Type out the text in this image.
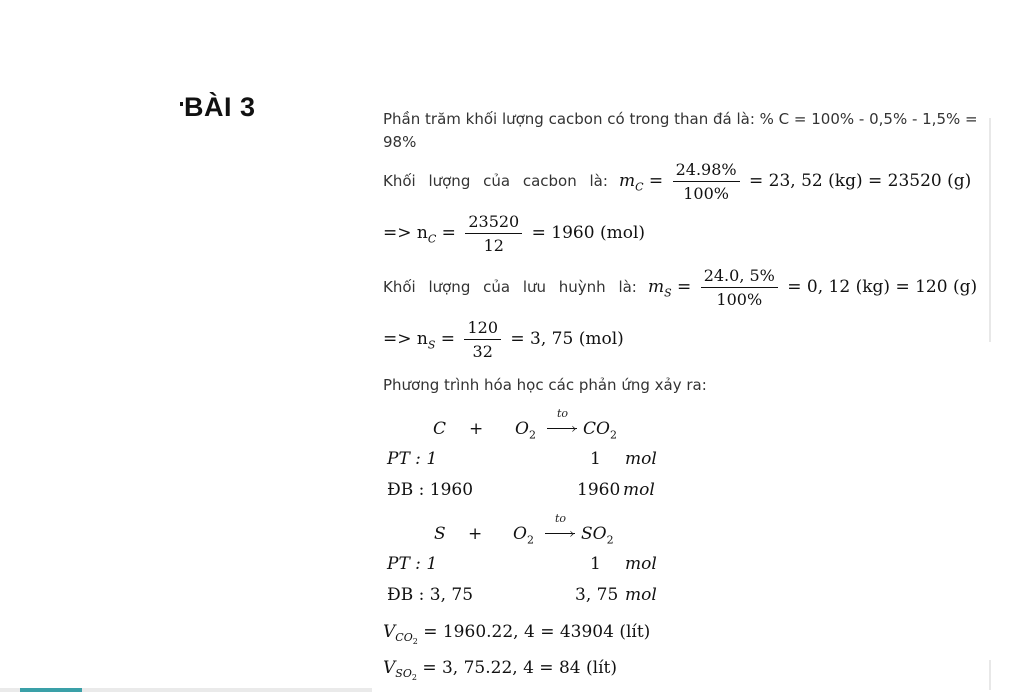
BÀI 3	Phần trăm khối lượng cacbon có trong than đá là: % C = 100% - 0,5% - 1,5% = 98%
Khối lượng của cacbon là: $m_C = \frac{24.98\%}{100\%} = 23$, 52 (kg) = 23520 (g)
=> $n_C = \frac{23520}{12} = 1960$ (mol)
Khối lượng của lưu huỳnh là: $m_S = \frac{24.0, 5\%}{100\%} = 0$, 12 (kg) = 120 (g)
=> $n_S = \frac{120}{32} = 3$, 75 (mol)
Phương trình hóa học các phản ứng xảy ra:
$C + O_2$
to
› $CO_2$
PT : 1	1 mol
ĐB : 1960	1960 mol
$S + O_2$
to
› $SO_2$
PT : 1	1 mol
ĐB : 3, 75	3, 75 mol
$V_{CO_2} = 1960.22$, 4 = 43904 (lít)
$V_{SO_2} = 3$, 75.22, 4 = 84 (lít)
